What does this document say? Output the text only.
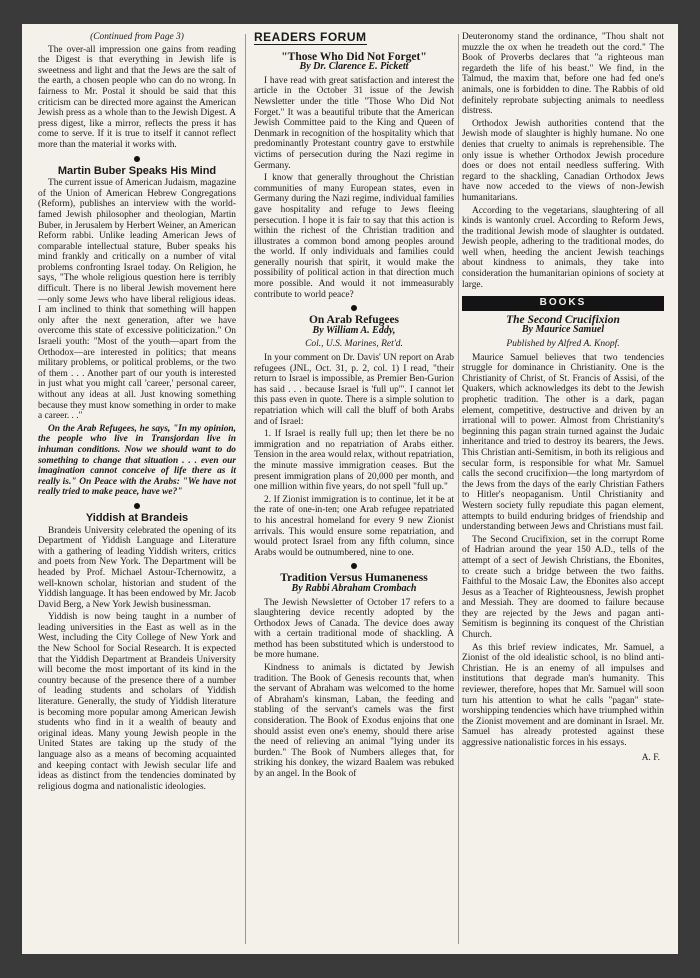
(Continued from Page 3)

The over-all impression one gains from reading the Digest is that everything in Jewish life is sweetness and light and that the Jews are the salt of the earth, a chosen people who can do no wrong. In fairness to Mr. Postal it should be said that this criticism can be directed more against the American Jewish press as a whole than to the Jewish Digest. A press digest, like a mirror, reflects the press it has come to serve. If it is true to itself it cannot reflect more than the material it works with.

Martin Buber Speaks His Mind

The current issue of American Judaism, magazine of the Union of American Hebrew Congregations (Reform), publishes an interview with the world-famed Jewish philosopher and theologian, Martin Buber, in Jerusalem by Herbert Weiner, an American Reform rabbi. Unlike leading American Jews of comparable intellectual stature, Buber speaks his mind frankly and critically on a number of vital problems confronting Israel today. On Religion, he says, "The whole religious question here is terribly difficult. There is no liberal Jewish movement here—only some Jews who have liberal religious ideas. I am inclined to think that something will happen only after the next generation, after we have overcome this state of excessive politicization." On Israeli youth: "Most of the youth—apart from the Orthodox—are interested in politics; that means military problems, or political problems, or the two of them . . . Another part of our youth is interested in just what you might call 'career,' personal career, without any ideas at all. Just knowing something because they must know something in order to make a career. . ."

On the Arab Refugees, he says, "In my opinion, the people who live in Transjordan live in inhuman conditions. Now we should want to do something to change that situation . . . even our imagination cannot conceive of life there as it really is." On Peace with the Arabs: "We have not really tried to make peace, have we?"

Yiddish at Brandeis

Brandeis University celebrated the opening of its Department of Yiddish Language and Literature with a gathering of leading Yiddish writers, critics and poets from New York. The Department will be headed by Prof. Michael Astour-Tchernowitz, a well-known scholar, historian and student of the Yiddish language. It has been endowed by Mr. Jacob David Berg, a New York Jewish businessman.

Yiddish is now being taught in a number of leading universities in the East as well as in the West, including the City College of New York and the New School for Social Research. It is expected that the Yiddish Department at Brandeis University will become the most important of its kind in the country because of the presence there of a number of leading students and scholars of Yiddish literature. Generally, the study of Yiddish literature is becoming more popular among American Jewish students who find in it a wealth of beauty and original ideas. Many young Jewish people in the United States are taking up the study of the language also as a means of becoming acquainted and keeping contact with Jewish secular life and ideas as distinct from the tendencies dominated by religious dogma and nationalistic ideologies.

READERS FORUM
"Those Who Did Not Forget"
By Dr. Clarence E. Pickett

I have read with great satisfaction and interest the article in the October 31 issue of the Jewish Newsletter under the title "Those Who Did Not Forget." It was a beautiful tribute that the American Jewish Committee paid to the King and Queen of Denmark in recognition of the hospitality which that predominantly Protestant country gave to erstwhile victims of persecution during the Nazi regime in Germany.

I know that generally throughout the Christian communities of many European states, even in Germany during the Nazi regime, individual families gave hospitality and refuge to Jews fleeing persecution. I hope it is fair to say that this action is within the richest of the Christian tradition and illustrates a common bond among peoples around the world. If only individuals and families could generally nourish that spirit, it would make the possibility of political action in that direction much more possible. And would it not immeasurably contribute to world peace?

On Arab Refugees
By William A. Eddy,
Col., U.S. Marines, Ret'd.

In your comment on Dr. Davis' UN report on Arab refugees (JNL, Oct. 31, p. 2, col. 1) I read, "their return to Israel is impossible, as Premier Ben-Gurion has said . . . because Israel is 'full up'". I cannot let this pass even in quote. There is a simple solution to repatriation which will call the bluff of both Arabs and of Israel:

1. If Israel is really full up; then let there be no immigration and no repatriation of Arabs either. Tension in the area would relax, without repatriation, the minute massive immigration ceases. But the present immigration plans of 20,000 per month, and one million within five years, do not spell "full up."

2. If Zionist immigration is to continue, let it be at the rate of one-in-ten; one Arab refugee repatriated to his ancestral homeland for every 9 new Zionist arrivals. This would ensure some repatriation, and would protect Israel from any fifth column, since Arabs would be outnumbered, nine to one.

Tradition Versus Humaneness
By Rabbi Abraham Crombach

The Jewish Newsletter of October 17 refers to a slaughtering device recently adopted by the Orthodox Jews of Canada. The device does away with a certain traditional mode of shackling. A method has been substituted which is understood to be more humane.

Kindness to animals is dictated by Jewish tradition. The Book of Genesis recounts that, when the servant of Abraham was welcomed to the home of Abraham's kinsman, Laban, the feeding and stabling of the servant's camels was the first consideration. The Book of Exodus enjoins that one should assist even one's enemy, should there arise the need of relieving an animal "lying under its burden." The Book of Numbers alleges that, for striking his donkey, the wizard Baalem was rebuked by an angel. In the Book of

Deuteronomy stand the ordinance, "Thou shalt not muzzle the ox when he treadeth out the cord." The Book of Proverbs declares that "a righteous man regardeth the life of his beast." We find, in the Talmud, the maxim that, before one had fed one's animals, one is forbidden to dine. The Rabbis of old definitely reprobate subjecting animals to needless distress.

Orthodox Jewish authorities contend that the Jewish mode of slaughter is highly humane. No one denies that cruelty to animals is reprehensible. The only issue is whether Orthodox Jewish procedure does or does not entail needless suffering. With regard to the shackling, Canadian Orthodox Jews have now acceded to the views of non-Jewish humanitarians.

According to the vegetarians, slaughtering of all kinds is wantonly cruel. According to Reform Jews, the traditional Jewish mode of slaughter is outdated. Jewish people, adhering to the traditional modes, do well when, heeding the ancient Jewish teachings about kindness to animals, they take into consideration the humanitarian opinions of society at large.

BOOKS
The Second Crucifixion
By Maurice Samuel
Published by Alfred A. Knopf.

Maurice Samuel believes that two tendencies struggle for dominance in Christianity. One is the Christianity of Christ, of St. Francis of Assisi, of the Quakers, which acknowledges its debt to the Jewish prophetic tradition. The other is a dark, pagan element, competitive, destructive and driven by an irrational will to power. Almost from Christianity's beginning this pagan strain turned against the Judaic inheritance and tried to destroy its bearers, the Jews. This Christian anti-Semitism, in both its religious and secular form, is responsible for what Mr. Samuel calls the second crucifixion—the long martyrdom of the Jews from the days of the early Christian Fathers to Hitler's neopaganism. Until Christianity and Western society fully repudiate this pagan element, attempts to build enduring bridges of friendship and understanding between Jews and Christians must fail.

The Second Crucifixion, set in the corrupt Rome of Hadrian around the year 150 A.D., tells of the attempt of a sect of Jewish Christians, the Ebonites, to create such a bridge between the two faiths. Faithful to the Mosaic Law, the Ebonites also accept Jesus as a Teacher of Righteousness, Jewish prophet and Messiah. They are doomed to failure because they are rejected by the Jews and pagan anti-Semitism is beginning its conquest of the Christian Church.

As this brief review indicates, Mr. Samuel, a Zionist of the old idealistic school, is no blind anti-Christian. He is an enemy of all impulses and institutions that degrade man's humanity. This reviewer, therefore, hopes that Mr. Samuel will soon turn his attention to what he calls "pagan" state-worshipping tendencies which have triumphed within the Zionist movement and are dominant in Israel. Mr. Samuel has already protested against these aggressive nationalistic forces in his essays.

A. F.
